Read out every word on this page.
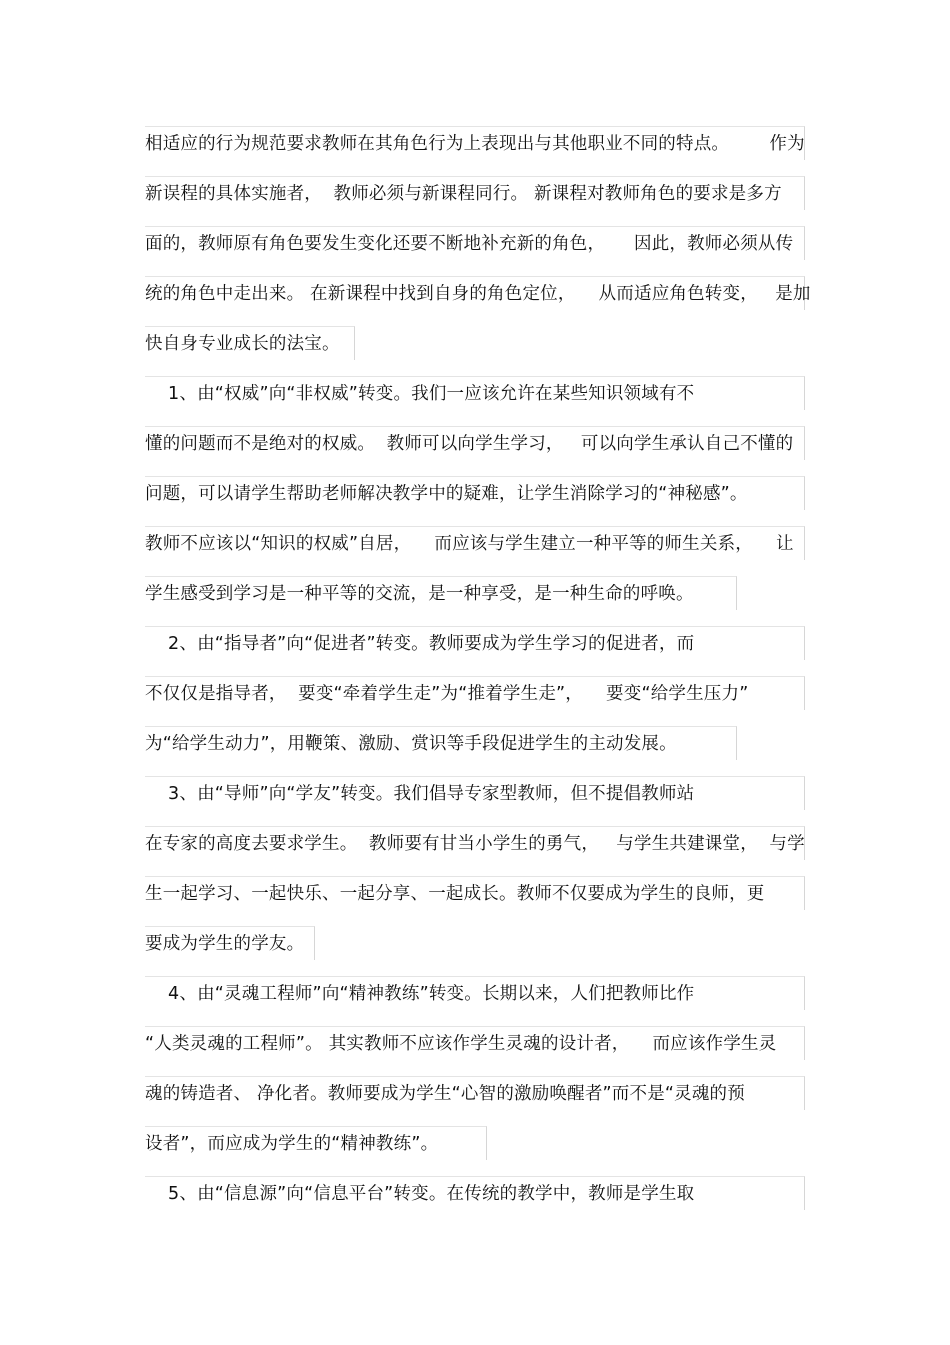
相适应的行为规范要求教师在其角色行为上表现出与其他职业不同的特点。       作为
新误程的具体实施者，  教师必须与新课程同行。 新课程对教师角色的要求是多方
面的，教师原有角色要发生变化还要不断地补充新的角色，     因此，教师必须从传
统的角色中走出来。 在新课程中找到自身的角色定位，    从而适应角色转变，   是加
快自身专业成长的法宝。
1、由“权威”向“非权威”转变。我们一应该允许在某些知识领域有不
懂的问题而不是绝对的权威。  教师可以向学生学习，   可以向学生承认自己不懂的
问题，可以请学生帮助老师解决教学中的疑难，让学生消除学习的“神秘感”。
教师不应该以“知识的权威”自居，    而应该与学生建立一种平等的师生关系，    让
学生感受到学习是一种平等的交流，是一种享受，是一种生命的呼唤。
2、由“指导者”向“促进者”转变。教师要成为学生学习的促进者，而
不仅仅是指导者，  要变“牵着学生走”为“推着学生走”，    要变“给学生压力”
为“给学生动力”，用鞭策、激励、赏识等手段促进学生的主动发展。
3、由“导师”向“学友”转变。我们倡导专家型教师，但不提倡教师站
在专家的高度去要求学生。  教师要有甘当小学生的勇气，   与学生共建课堂，  与学
生一起学习、一起快乐、一起分享、一起成长。教师不仅要成为学生的良师，更
要成为学生的学友。
4、由“灵魂工程师”向“精神教练”转变。长期以来，人们把教师比作
“人类灵魂的工程师”。 其实教师不应该作学生灵魂的设计者，    而应该作学生灵
魂的铸造者、 净化者。教师要成为学生“心智的激励唤醒者”而不是“灵魂的预
设者”，而应成为学生的“精神教练”。
5、由“信息源”向“信息平台”转变。在传统的教学中，教师是学生取
